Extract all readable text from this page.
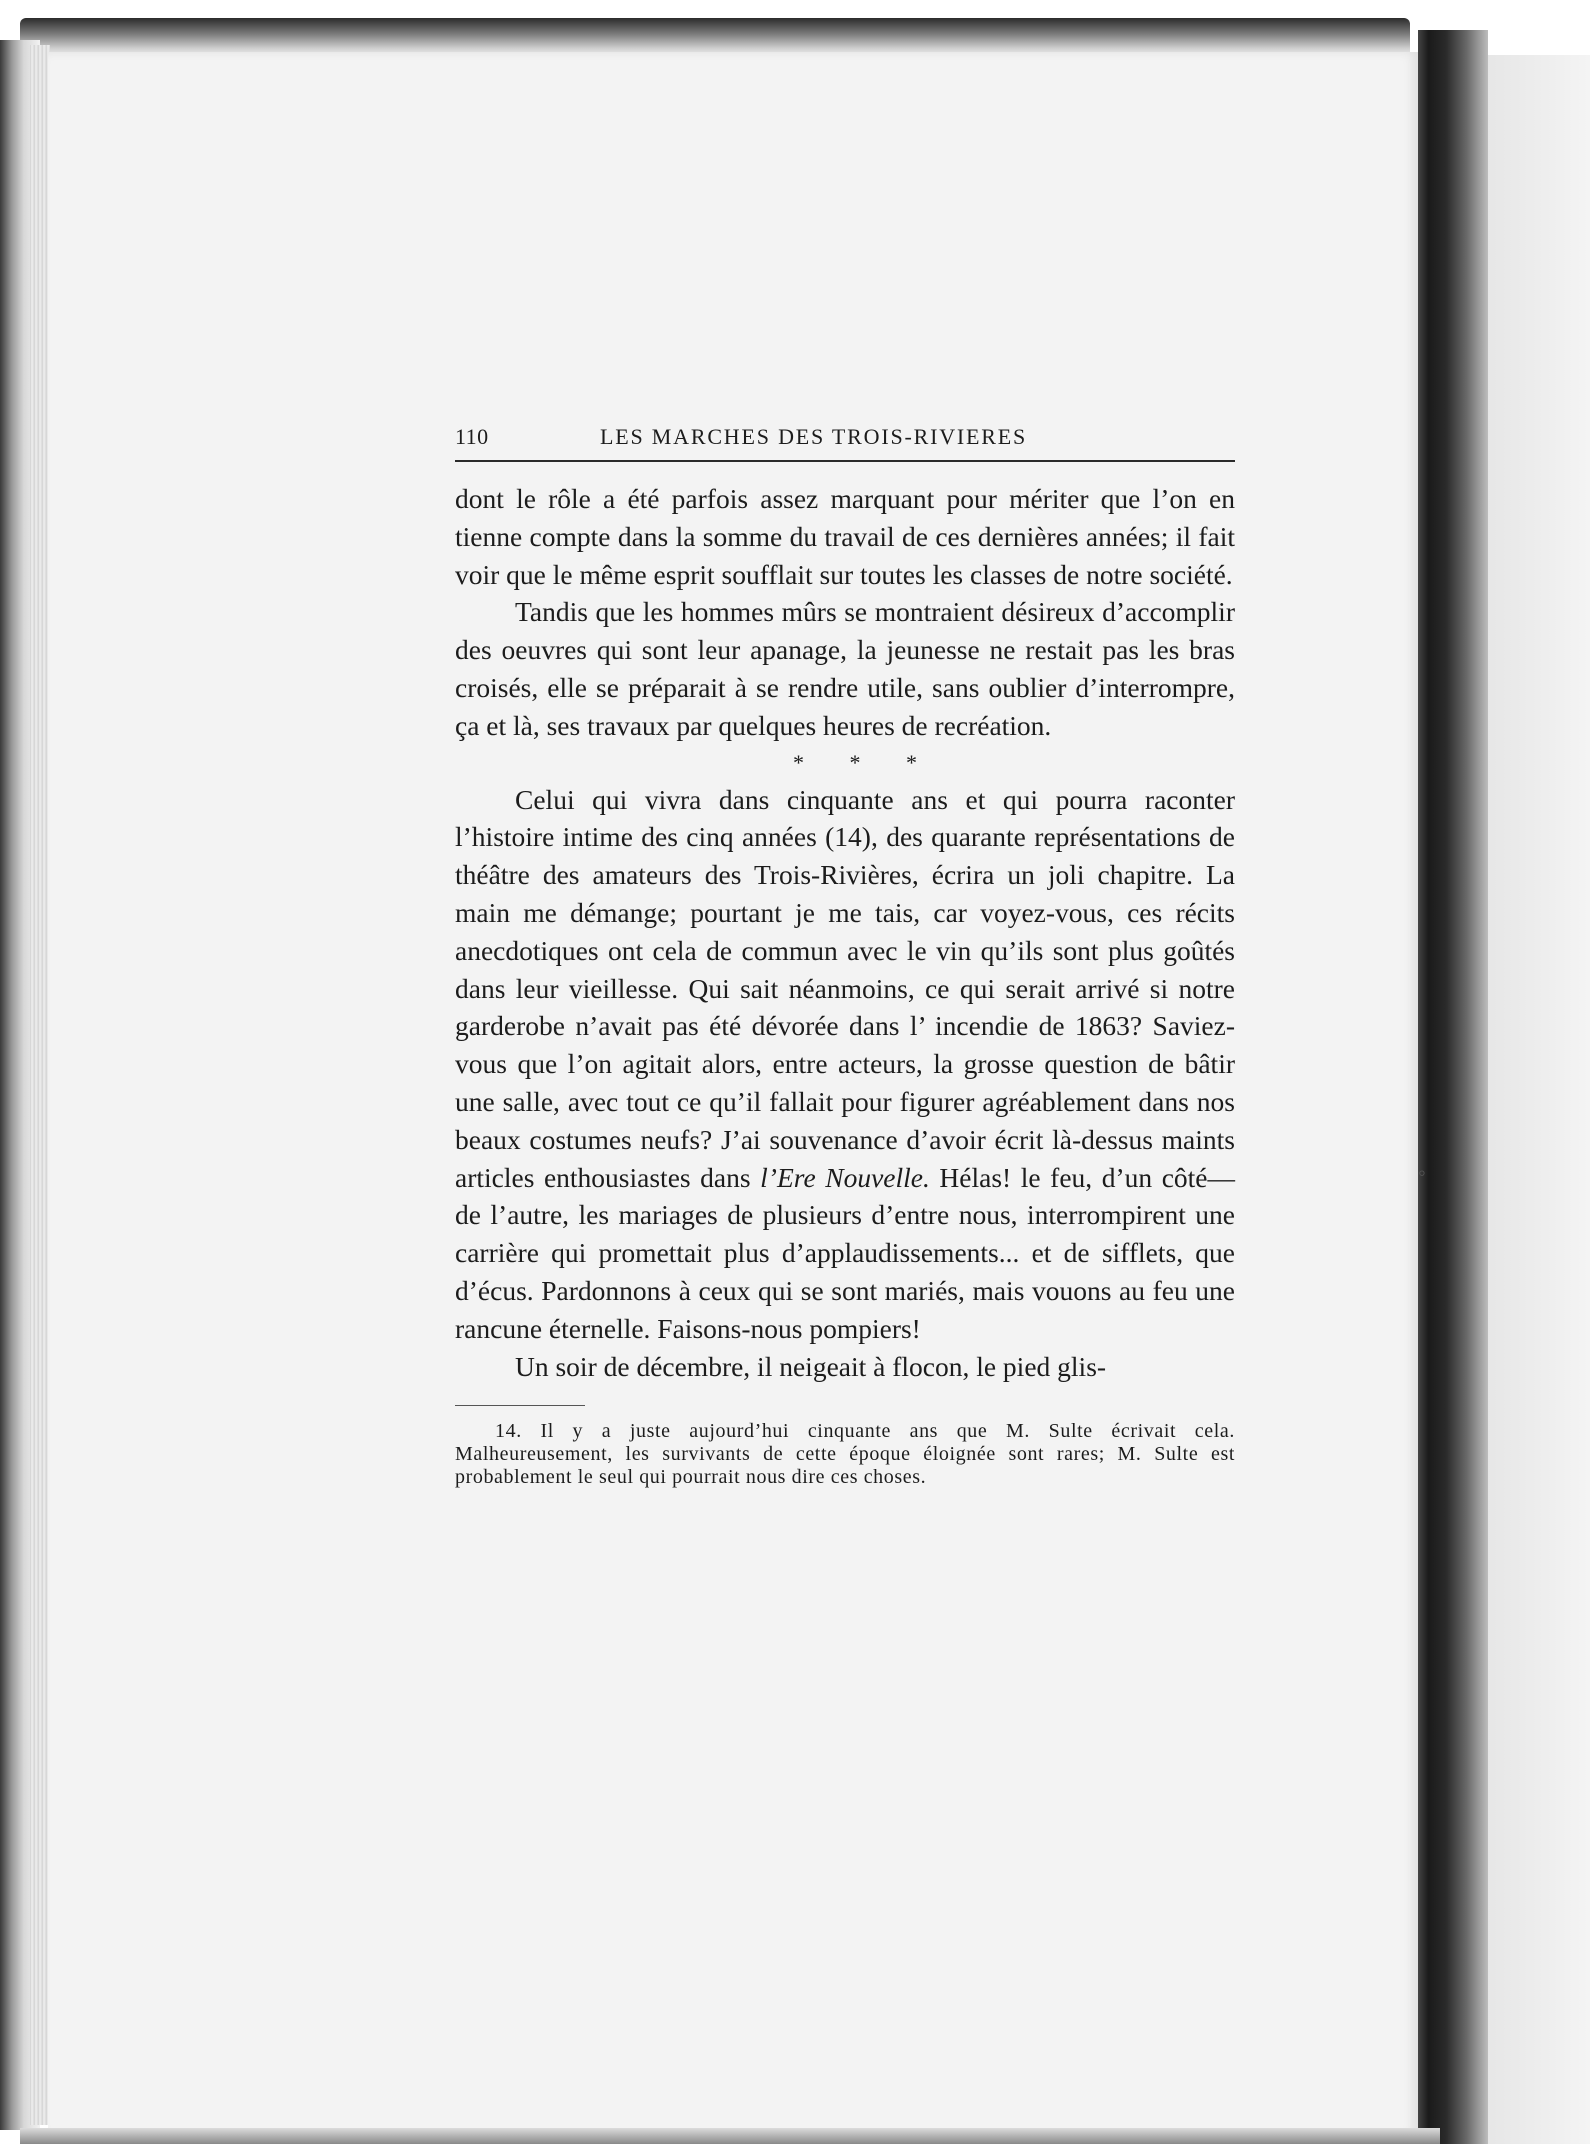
◦
110	LES MARCHES DES TROIS-RIVIERES

dont le rôle a été parfois assez marquant pour mériter que l’on en tienne compte dans la somme du travail de ces dernières années; il fait voir que le même esprit soufflait sur toutes les classes de notre société.

Tandis que les hommes mûrs se montraient désireux d’accomplir des oeuvres qui sont leur apanage, la jeunesse ne restait pas les bras croisés, elle se préparait à se rendre utile, sans oublier d’interrompre, ça et là, ses travaux par quelques heures de recréation.

* * *

Celui qui vivra dans cinquante ans et qui pourra raconter l’histoire intime des cinq années (14), des quarante représentations de théâtre des amateurs des Trois-Rivières, écrira un joli chapitre. La main me démange; pourtant je me tais, car voyez-vous, ces récits anecdotiques ont cela de commun avec le vin qu’ils sont plus goûtés dans leur vieillesse. Qui sait néanmoins, ce qui serait arrivé si notre garderobe n’avait pas été dévorée dans l’ incendie de 1863? Saviez-vous que l’on agitait alors, entre acteurs, la grosse question de bâtir une salle, avec tout ce qu’il fallait pour figurer agréablement dans nos beaux costumes neufs? J’ai souvenance d’avoir écrit là-dessus maints articles enthousiastes dans l’Ere Nouvelle. Hélas! le feu, d’un côté—de l’autre, les mariages de plusieurs d’entre nous, interrompirent une carrière qui promettait plus d’applaudissements... et de sifflets, que d’écus. Pardonnons à ceux qui se sont mariés, mais vouons au feu une rancune éternelle. Faisons-nous pompiers!

Un soir de décembre, il neigeait à flocon, le pied glis-

14. Il y a juste aujourd’hui cinquante ans que M. Sulte écrivait cela. Malheureusement, les survivants de cette époque éloignée sont rares; M. Sulte est probablement le seul qui pourrait nous dire ces choses.
